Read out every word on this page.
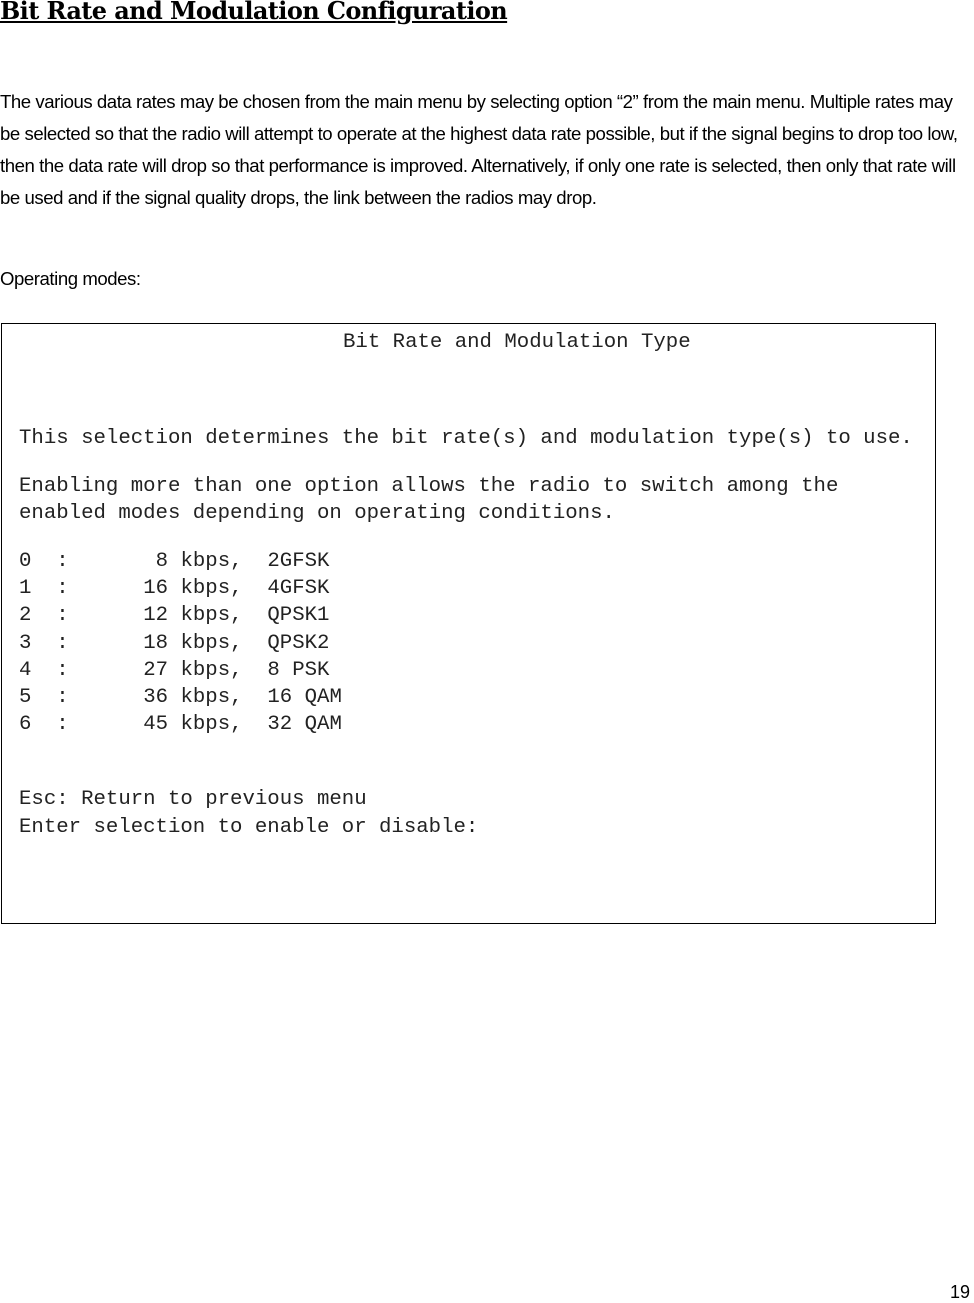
Bit Rate and Modulation Configuration
The various data rates may be chosen from the main menu by selecting option “2” from the main menu. Multiple rates may be selected so that the radio will attempt to operate at the highest data rate possible, but if the signal begins to drop too low, then the data rate will drop so that performance is improved. Alternatively, if only one rate is selected, then only that rate will be used and if the signal quality drops, the link between the radios may drop.
Operating modes:
Bit Rate and Modulation Type
This selection determines the bit rate(s) and modulation type(s) to use.
Enabling more than one option allows the radio to switch among the
enabled modes depending on operating conditions.
0 :	8 kbps, 2GFSK
1 :	16 kbps, 4GFSK
2 :	12 kbps, QPSK1
3 :	18 kbps, QPSK2
4 :	27 kbps, 8 PSK
5 :	36 kbps, 16 QAM
6 :	45 kbps, 32 QAM
Esc: Return to previous menu
Enter selection to enable or disable:
19
